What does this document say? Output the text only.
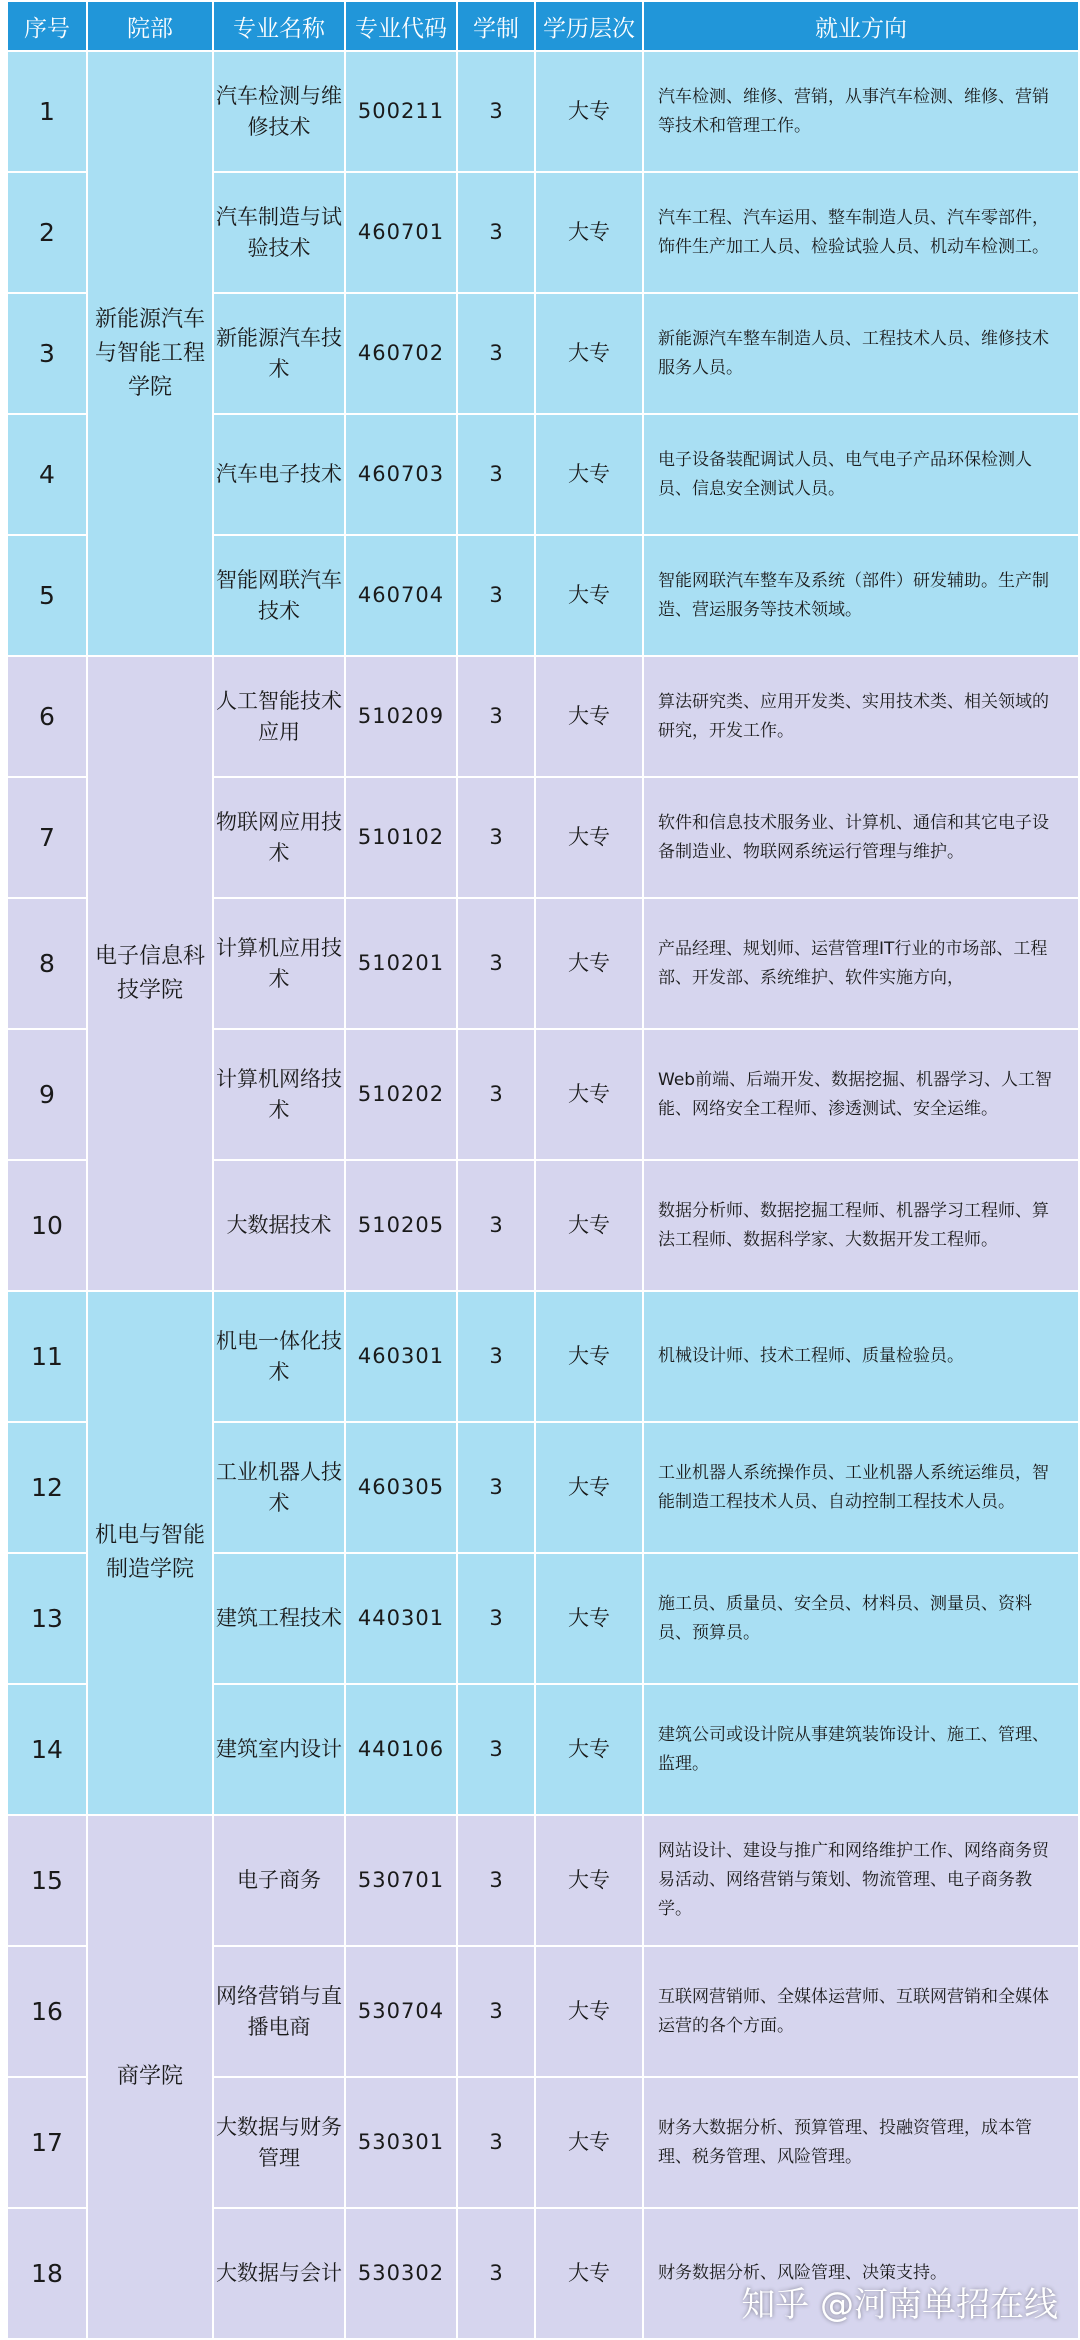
序号	院部	专业名称	专业代码	学制	学历层次	就业方向
1	新能源汽车与智能工程学院	汽车检测与维修技术	500211	3	大专	汽车检测、维修、营销，从事汽车检测、维修、营销等技术和管理工作。
2		汽车制造与试验技术	460701	3	大专	汽车工程、汽车运用、整车制造人员、汽车零部件，饰件生产加工人员、检验试验人员、机动车检测工。
3		新能源汽车技术	460702	3	大专	新能源汽车整车制造人员、工程技术人员、维修技术服务人员。
4		汽车电子技术	460703	3	大专	电子设备装配调试人员、电气电子产品环保检测人员、信息安全测试人员。
5		智能网联汽车技术	460704	3	大专	智能网联汽车整车及系统（部件）研发辅助。生产制造、营运服务等技术领域。
6	电子信息科技学院	人工智能技术应用	510209	3	大专	算法研究类、应用开发类、实用技术类、相关领域的研究，开发工作。
7		物联网应用技术	510102	3	大专	软件和信息技术服务业、计算机、通信和其它电子设备制造业、物联网系统运行管理与维护。
8		计算机应用技术	510201	3	大专	产品经理、规划师、运营管理IT行业的市场部、工程部、开发部、系统维护、软件实施方向，
9		计算机网络技术	510202	3	大专	Web前端、后端开发、数据挖掘、机器学习、人工智能、网络安全工程师、渗透测试、安全运维。
10		大数据技术	510205	3	大专	数据分析师、数据挖掘工程师、机器学习工程师、算法工程师、数据科学家、大数据开发工程师。
11	机电与智能制造学院	机电一体化技术	460301	3	大专	机械设计师、技术工程师、质量检验员。
12		工业机器人技术	460305	3	大专	工业机器人系统操作员、工业机器人系统运维员，智能制造工程技术人员、自动控制工程技术人员。
13		建筑工程技术	440301	3	大专	施工员、质量员、安全员、材料员、测量员、资料员、预算员。
14		建筑室内设计	440106	3	大专	建筑公司或设计院从事建筑装饰设计、施工、管理、监理。
15	商学院	电子商务	530701	3	大专	网站设计、建设与推广和网络维护工作、网络商务贸易活动、网络营销与策划、物流管理、电子商务教学。
16		网络营销与直播电商	530704	3	大专	互联网营销师、全媒体运营师、互联网营销和全媒体运营的各个方面。
17		大数据与财务管理	530301	3	大专	财务大数据分析、预算管理、投融资管理，成本管理、税务管理、风险管理。
18		大数据与会计	530302	3	大专	财务数据分析、风险管理、决策支持。
知乎 @河南单招在线
